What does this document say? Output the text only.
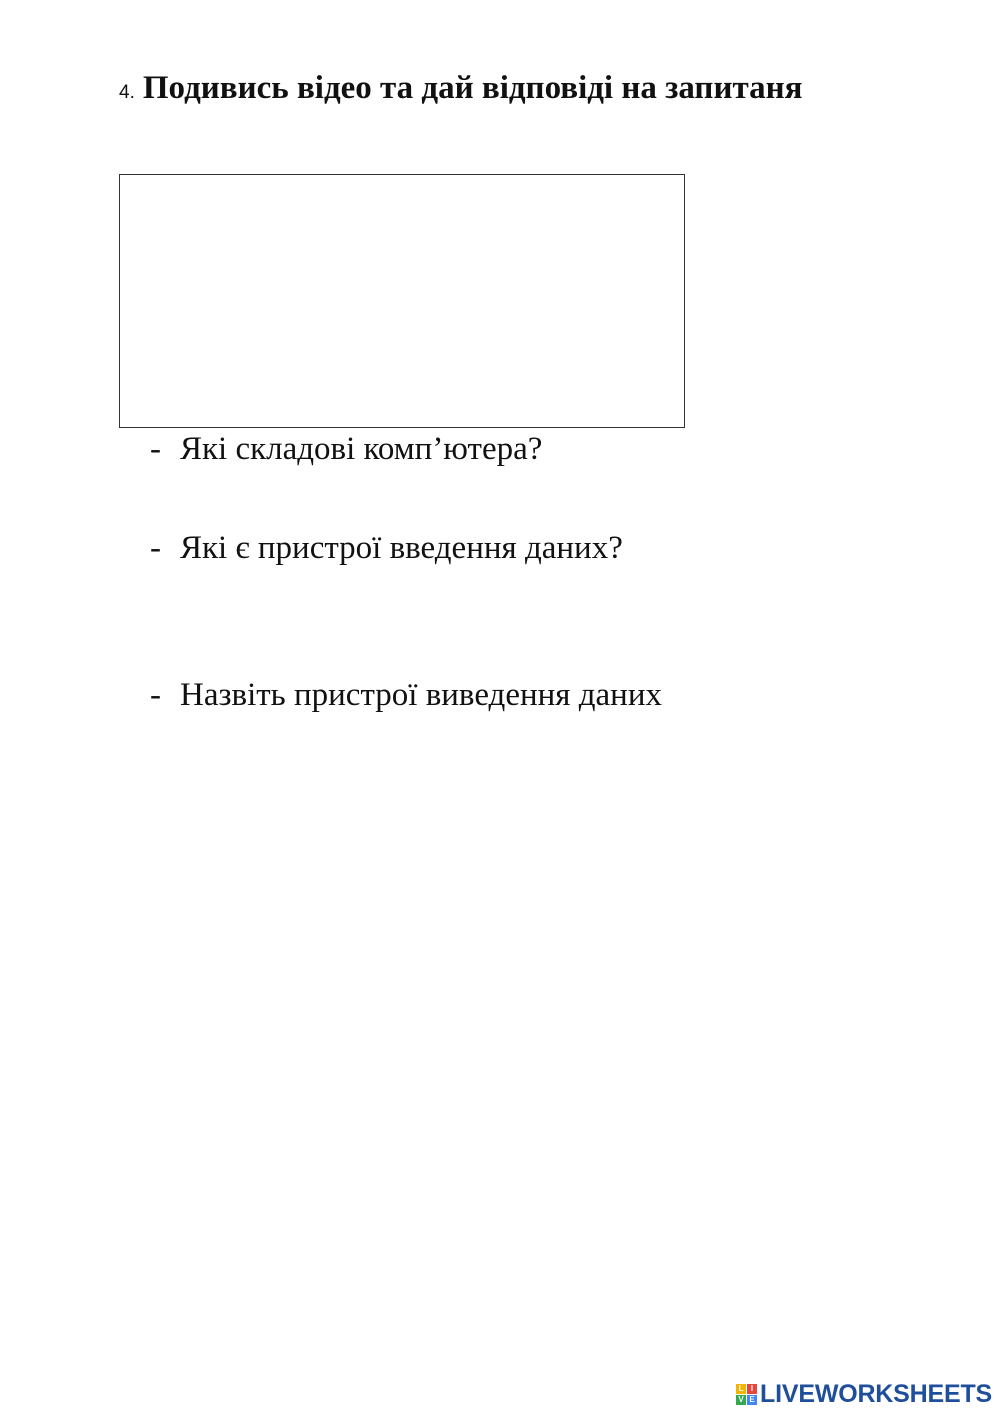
4. Подивись відео та дай відповіді на запитаня
- Які складові комп’ютера?
- Які є пристрої введення даних?
- Назвіть пристрої виведення даних
L I
V E LIVEWORKSHEETS
